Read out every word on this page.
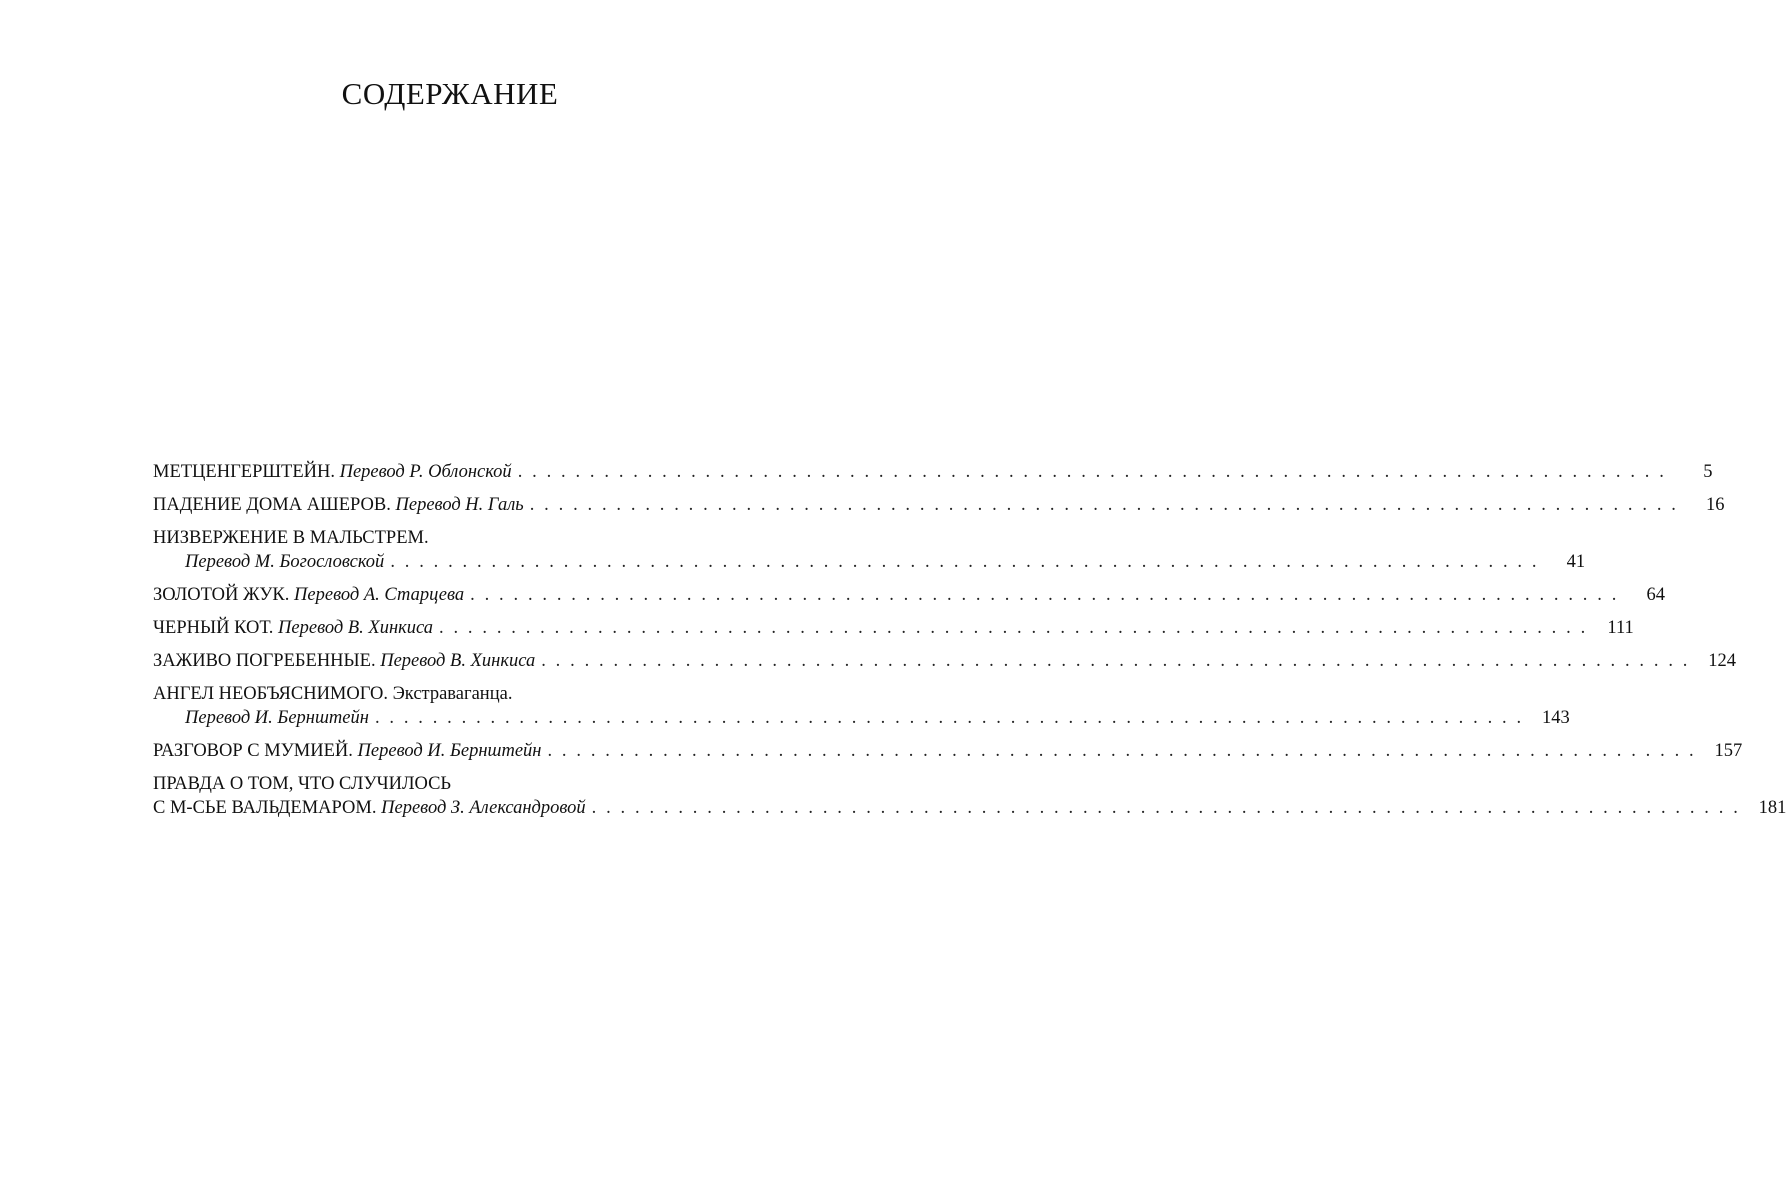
СОДЕРЖАНИЕ
МЕТЦЕНГЕРШТЕЙН.
Перевод Р. Облонской . . . . . . . . . . . . . . . . . . . . . . . . . . . . . . . . . . . . . . . . . . . . . . . . . . . . . . . . . . . . . . . . . . . . . . . . . . . . . . . .	5
ПАДЕНИЕ ДОМА АШЕРОВ.
Перевод Н. Галь . . . . . . . . . . . . . . . . . . . . . . . . . . . . . . . . . . . . . . . . . . . . . . . . . . . . . . . . . . . . . . . . . . . . . . . . . . . . . . . .	16
НИЗВЕРЖЕНИЕ В МАЛЬСТРЕМ.
Перевод М. Богословской . . . . . . . . . . . . . . . . . . . . . . . . . . . . . . . . . . . . . . . . . . . . . . . . . . . . . . . . . . . . . . . . . . . . . . . . . . . . . . . .	41
ЗОЛОТОЙ ЖУК.
Перевод А. Старцева . . . . . . . . . . . . . . . . . . . . . . . . . . . . . . . . . . . . . . . . . . . . . . . . . . . . . . . . . . . . . . . . . . . . . . . . . . . . . . . .	64
ЧЕРНЫЙ КОТ.
Перевод В. Хинкиса . . . . . . . . . . . . . . . . . . . . . . . . . . . . . . . . . . . . . . . . . . . . . . . . . . . . . . . . . . . . . . . . . . . . . . . . . . . . . . . .	111
ЗАЖИВО ПОГРЕБЕННЫЕ.
Перевод В. Хинкиса . . . . . . . . . . . . . . . . . . . . . . . . . . . . . . . . . . . . . . . . . . . . . . . . . . . . . . . . . . . . . . . . . . . . . . . . . . . . . . . . 124
АНГЕЛ НЕОБЪЯСНИМОГО. Экстраваганца.
Перевод И. Бернштейн . . . . . . . . . . . . . . . . . . . . . . . . . . . . . . . . . . . . . . . . . . . . . . . . . . . . . . . . . . . . . . . . . . . . . . . . . . . . . . . . 143
РАЗГОВОР С МУМИЕЙ.
Перевод И. Бернштейн . . . . . . . . . . . . . . . . . . . . . . . . . . . . . . . . . . . . . . . . . . . . . . . . . . . . . . . . . . . . . . . . . . . . . . . . . . . . . . . . 157
ПРАВДА О ТОМ, ЧТО СЛУЧИЛОСЬ
С М-СЬЕ ВАЛЬДЕМАРОМ.
Перевод З. Александровой . . . . . . . . . . . . . . . . . . . . . . . . . . . . . . . . . . . . . . . . . . . . . . . . . . . . . . . . . . . . . . . . . . . . . . . . . . . . . . . . 181
